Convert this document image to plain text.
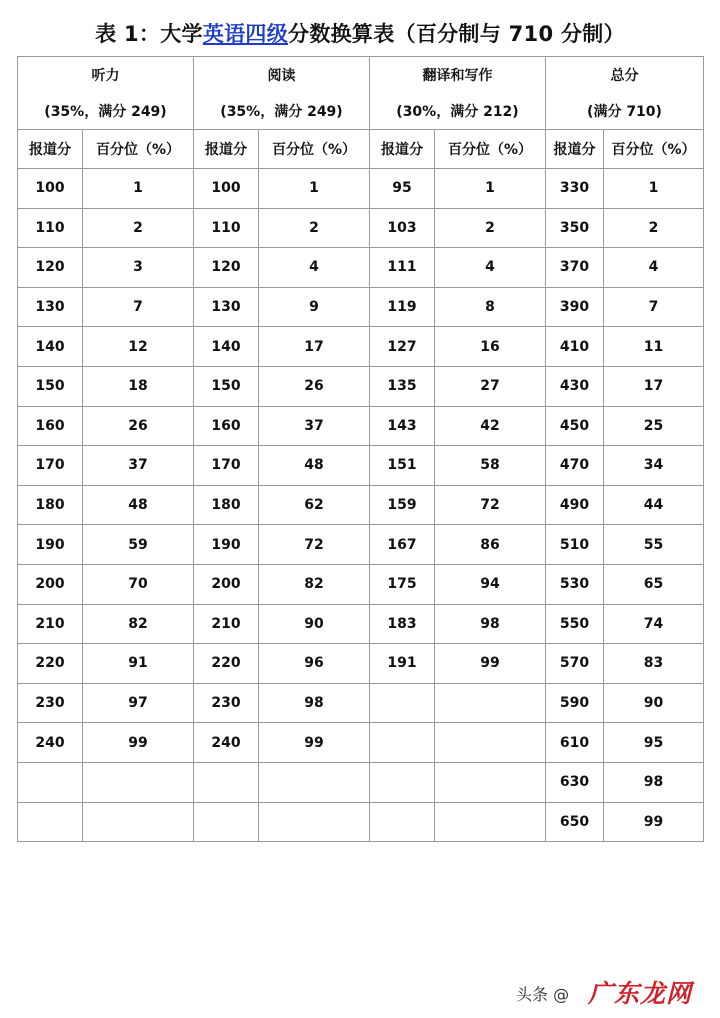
表 1：大学英语四级分数换算表（百分制与 710 分制）
听力		阅读		翻译和写作		总分	
(35%，满分 249)		(35%，满分 249)		(30%，满分 212)		(满分 710)	
报道分	百分位（%）	报道分	百分位（%）	报道分	百分位（%）	报道分	百分位（%）
100	1	100	1	95	1	330	1
110	2	110	2	103	2	350	2
120	3	120	4	111	4	370	4
130	7	130	9	119	8	390	7
140	12	140	17	127	16	410	11
150	18	150	26	135	27	430	17
160	26	160	37	143	42	450	25
170	37	170	48	151	58	470	34
180	48	180	62	159	72	490	44
190	59	190	72	167	86	510	55
200	70	200	82	175	94	530	65
210	82	210	90	183	98	550	74
220	91	220	96	191	99	570	83
230	97	230	98			590	90
240	99	240	99			610	95
						630	98
						650	99
头条 @ 广东龙网
